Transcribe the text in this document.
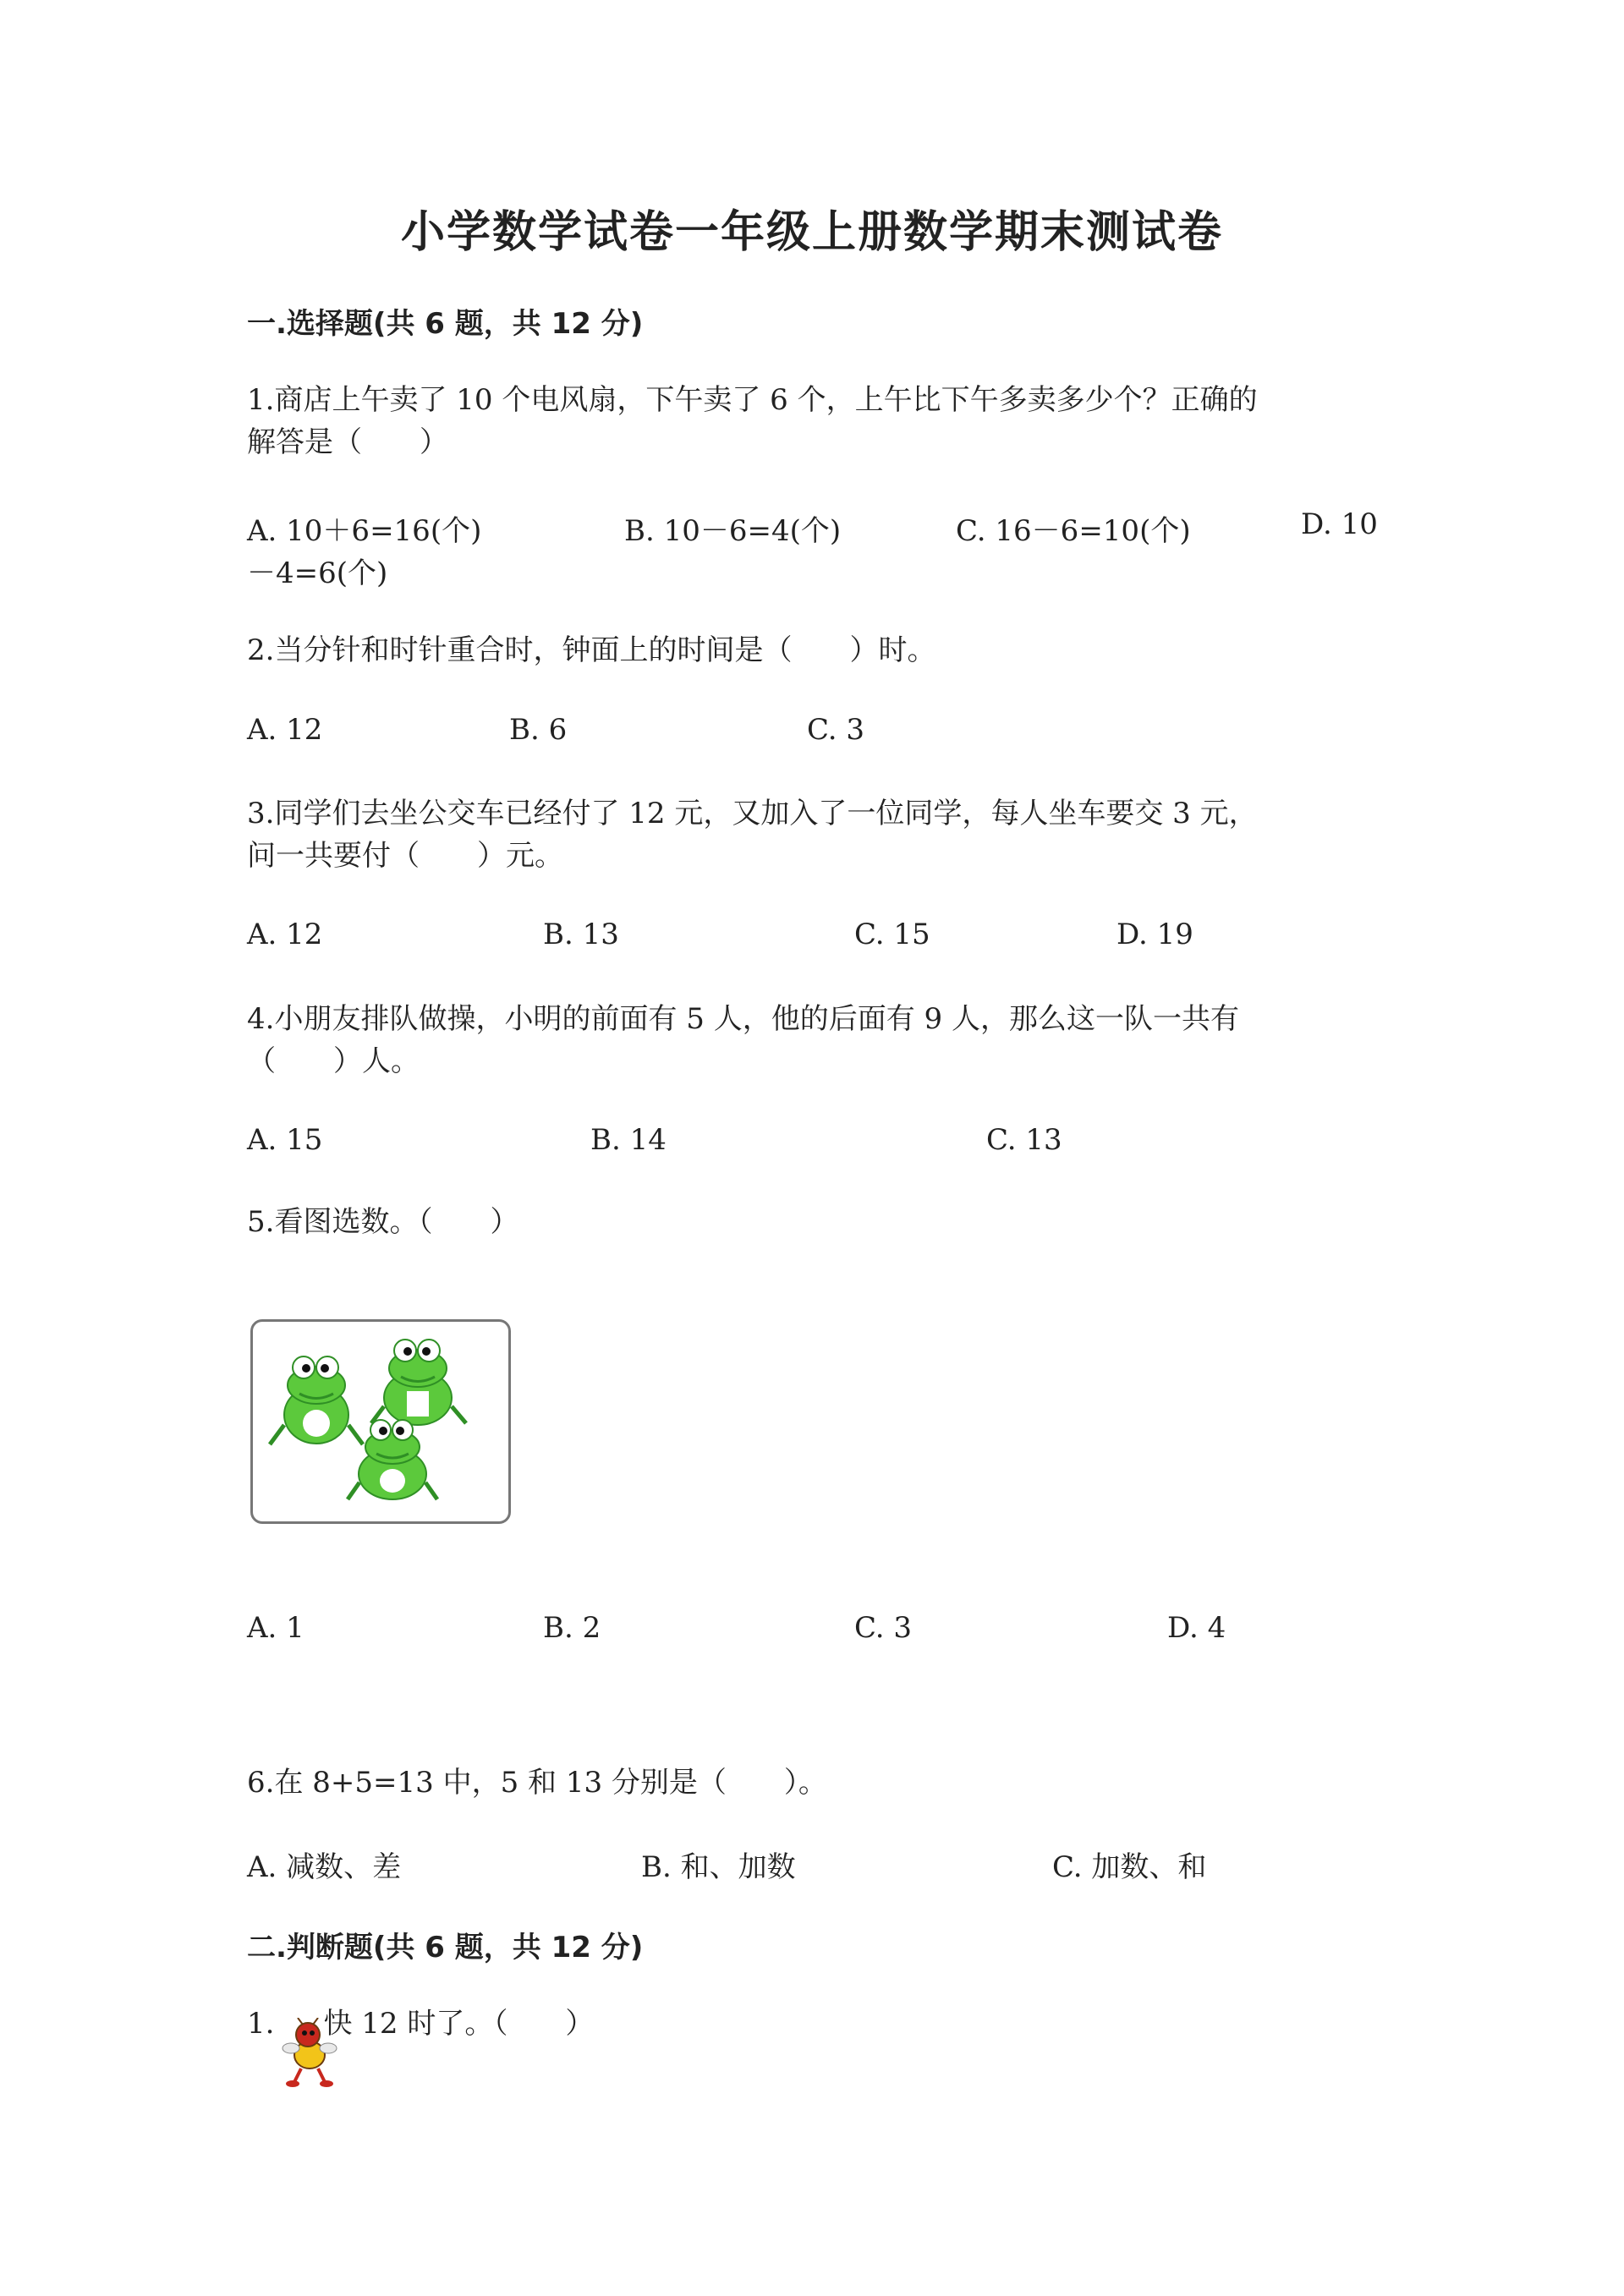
小学数学试卷一年级上册数学期末测试卷
一.选择题(共 6 题，共 12 分)
1.商店上午卖了 10 个电风扇，下午卖了 6 个，上午比下午多卖多少个？正确的
解答是（　　）
A. 10＋6=16(个)	B. 10－6=4(个)	C. 16－6=10(个)	D. 10
－4=6(个)
2.当分针和时针重合时，钟面上的时间是（　　）时。
A. 12	B. 6	C. 3
3.同学们去坐公交车已经付了 12 元，又加入了一位同学，每人坐车要交 3 元，
问一共要付（　　）元。
A. 12	B. 13	C. 15	D. 19
4.小朋友排队做操，小明的前面有 5 人，他的后面有 9 人，那么这一队一共有
（　　）人。
A. 15	B. 14	C. 13
5.看图选数。（　　）
A. 1	B. 2	C. 3	D. 4
6.在 8+5=13 中，5 和 13 分别是（　　）。
A. 减数、差	B. 和、加数	C. 加数、和
二.判断题(共 6 题，共 12 分)
1. 快 12 时了。（　　）
